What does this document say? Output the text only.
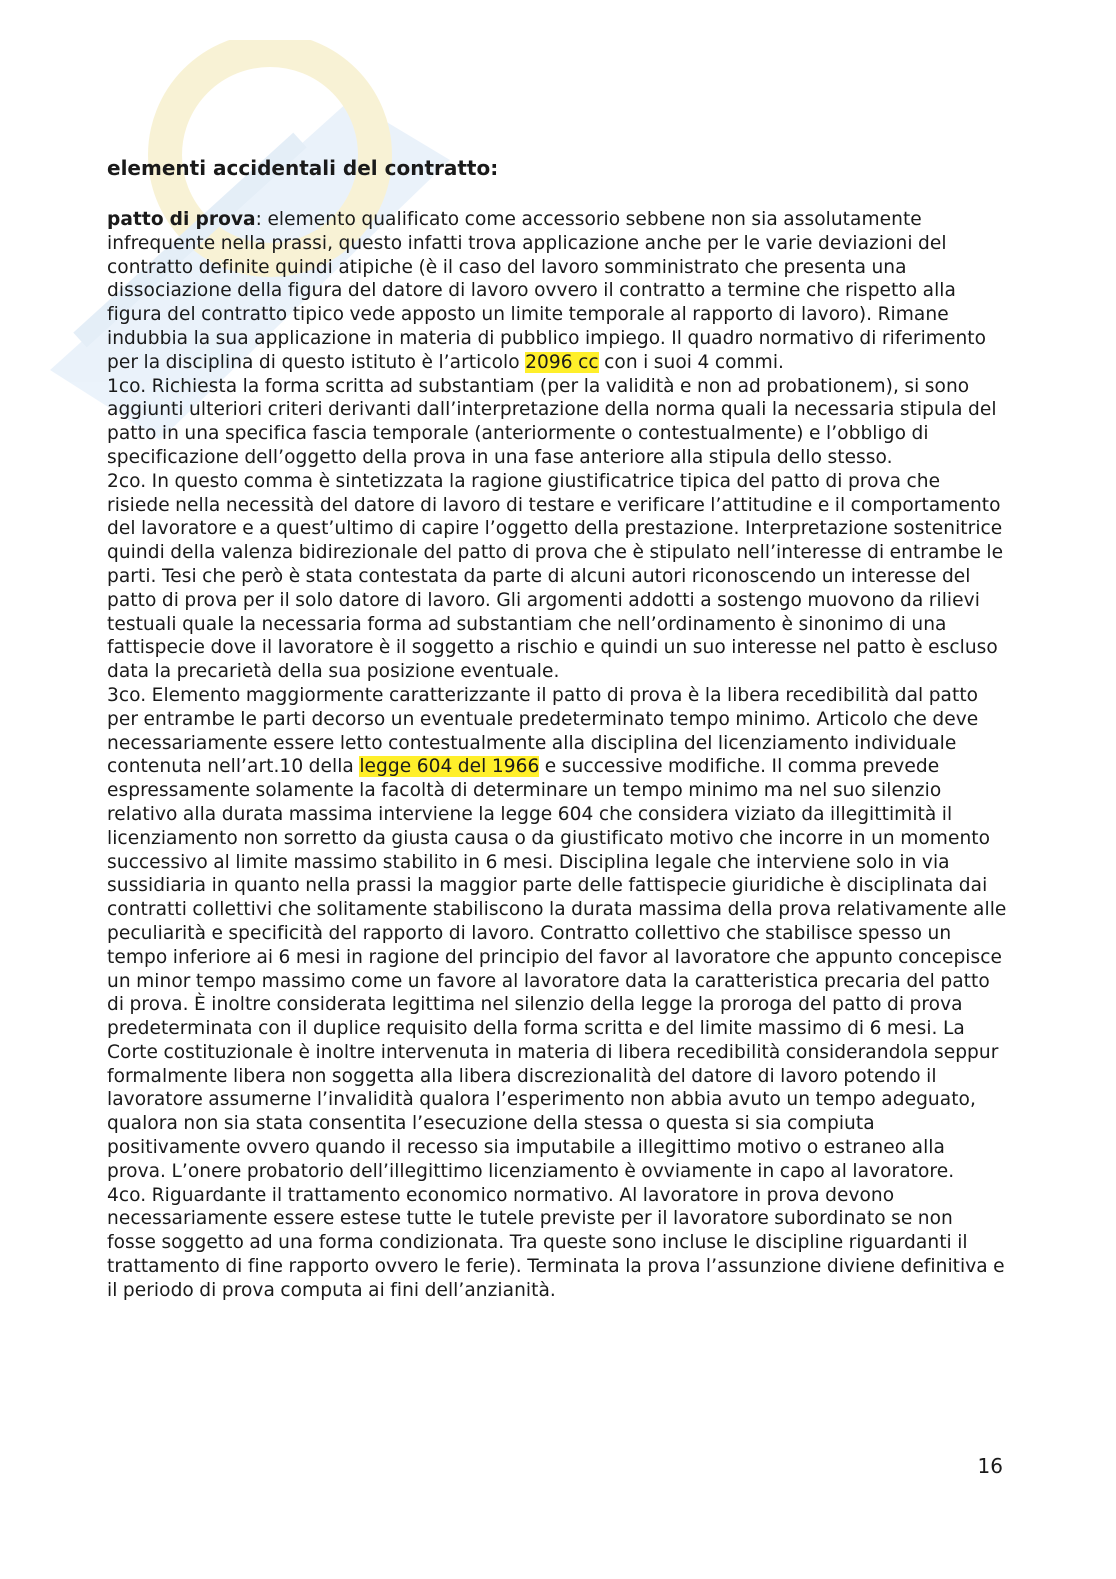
elementi accidentali del contratto:

patto di prova: elemento qualificato come accessorio sebbene non sia assolutamente infrequente nella prassi, questo infatti trova applicazione anche per le varie deviazioni del contratto definite quindi atipiche (è il caso del lavoro somministrato che presenta una dissociazione della figura del datore di lavoro ovvero il contratto a termine che rispetto alla figura del contratto tipico vede apposto un limite temporale al rapporto di lavoro). Rimane indubbia la sua applicazione in materia di pubblico impiego. Il quadro normativo di riferimento per la disciplina di questo istituto è l’articolo 2096 cc con i suoi 4 commi.

1co. Richiesta la forma scritta ad substantiam (per la validità e non ad probationem), si sono aggiunti ulteriori criteri derivanti dall’interpretazione della norma quali la necessaria stipula del patto in una specifica fascia temporale (anteriormente o contestualmente) e l’obbligo di specificazione dell’oggetto della prova in una fase anteriore alla stipula dello stesso.

2co. In questo comma è sintetizzata la ragione giustificatrice tipica del patto di prova che risiede nella necessità del datore di lavoro di testare e verificare l’attitudine e il comportamento del lavoratore e a quest’ultimo di capire l’oggetto della prestazione. Interpretazione sostenitrice quindi della valenza bidirezionale del patto di prova che è stipulato nell’interesse di entrambe le parti. Tesi che però è stata contestata da parte di alcuni autori riconoscendo un interesse del patto di prova per il solo datore di lavoro. Gli argomenti addotti a sostengo muovono da rilievi testuali quale la necessaria forma ad substantiam che nell’ordinamento è sinonimo di una fattispecie dove il lavoratore è il soggetto a rischio e quindi un suo interesse nel patto è escluso data la precarietà della sua posizione eventuale.

3co. Elemento maggiormente caratterizzante il patto di prova è la libera recedibilità dal patto per entrambe le parti decorso un eventuale predeterminato tempo minimo. Articolo che deve necessariamente essere letto contestualmente alla disciplina del licenziamento individuale contenuta nell’art.10 della legge 604 del 1966 e successive modifiche. Il comma prevede espressamente solamente la facoltà di determinare un tempo minimo ma nel suo silenzio relativo alla durata massima interviene la legge 604 che considera viziato da illegittimità il licenziamento non sorretto da giusta causa o da giustificato motivo che incorre in un momento successivo al limite massimo stabilito in 6 mesi. Disciplina legale che interviene solo in via sussidiaria in quanto nella prassi la maggior parte delle fattispecie giuridiche è disciplinata dai contratti collettivi che solitamente stabiliscono la durata massima della prova relativamente alle peculiarità e specificità del rapporto di lavoro. Contratto collettivo che stabilisce spesso un tempo inferiore ai 6 mesi in ragione del principio del favor al lavoratore che appunto concepisce un minor tempo massimo come un favore al lavoratore data la caratteristica precaria del patto di prova. È inoltre considerata legittima nel silenzio della legge la proroga del patto di prova predeterminata con il duplice requisito della forma scritta e del limite massimo di 6 mesi. La Corte costituzionale è inoltre intervenuta in materia di libera recedibilità considerandola seppur formalmente libera non soggetta alla libera discrezionalità del datore di lavoro potendo il lavoratore assumerne l’invalidità qualora l’esperimento non abbia avuto un tempo adeguato, qualora non sia stata consentita l’esecuzione della stessa o questa si sia compiuta positivamente ovvero quando il recesso sia imputabile a illegittimo motivo o estraneo alla prova. L’onere probatorio dell’illegittimo licenziamento è ovviamente in capo al lavoratore.

4co. Riguardante il trattamento economico normativo. Al lavoratore in prova devono necessariamente essere estese tutte le tutele previste per il lavoratore subordinato se non fosse soggetto ad una forma condizionata. Tra queste sono incluse le discipline riguardanti il trattamento di fine rapporto ovvero le ferie). Terminata la prova l’assunzione diviene definitiva e il periodo di prova computa ai fini dell’anzianità.

16
